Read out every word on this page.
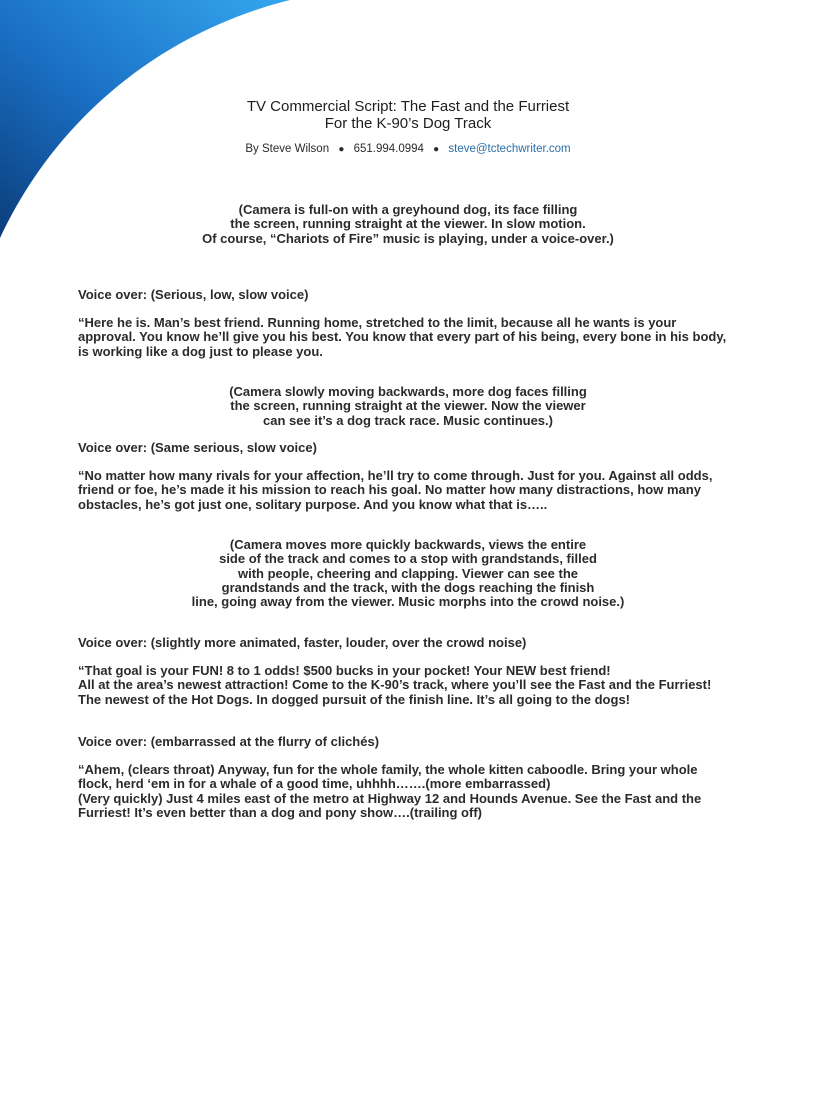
TV Commercial Script: The Fast and the Furriest
For the K-90’s Dog Track
By Steve Wilson ● 651.994.0994 ● steve@tctechwriter.com
(Camera is full-on with a greyhound dog, its face filling
the screen, running straight at the viewer. In slow motion.
Of course, “Chariots of Fire” music is playing, under a voice-over.)
Voice over: (Serious, low, slow voice)
“Here he is. Man’s best friend. Running home, stretched to the limit, because all he wants is your
approval. You know he’ll give you his best. You know that every part of his being, every bone in his body,
is working like a dog just to please you.
(Camera slowly moving backwards, more dog faces filling
the screen, running straight at the viewer. Now the viewer
can see it’s a dog track race. Music continues.)
Voice over: (Same serious, slow voice)
“No matter how many rivals for your affection, he’ll try to come through. Just for you. Against all odds,
friend or foe, he’s made it his mission to reach his goal. No matter how many distractions, how many
obstacles, he’s got just one, solitary purpose. And you know what that is…..
(Camera moves more quickly backwards, views the entire
side of the track and comes to a stop with grandstands, filled
with people, cheering and clapping. Viewer can see the
grandstands and the track, with the dogs reaching the finish
line, going away from the viewer. Music morphs into the crowd noise.)
Voice over: (slightly more animated, faster, louder, over the crowd noise)
“That goal is your FUN! 8 to 1 odds! $500 bucks in your pocket! Your NEW best friend!
All at the area’s newest attraction! Come to the K-90’s track, where you’ll see the Fast and the Furriest!
The newest of the Hot Dogs. In dogged pursuit of the finish line. It’s all going to the dogs!
Voice over: (embarrassed at the flurry of clichés)
“Ahem, (clears throat) Anyway, fun for the whole family, the whole kitten caboodle. Bring your whole
flock, herd ‘em in for a whale of a good time, uhhhh…….(more embarrassed)
(Very quickly) Just 4 miles east of the metro at Highway 12 and Hounds Avenue. See the Fast and the
Furriest! It’s even better than a dog and pony show….(trailing off)
